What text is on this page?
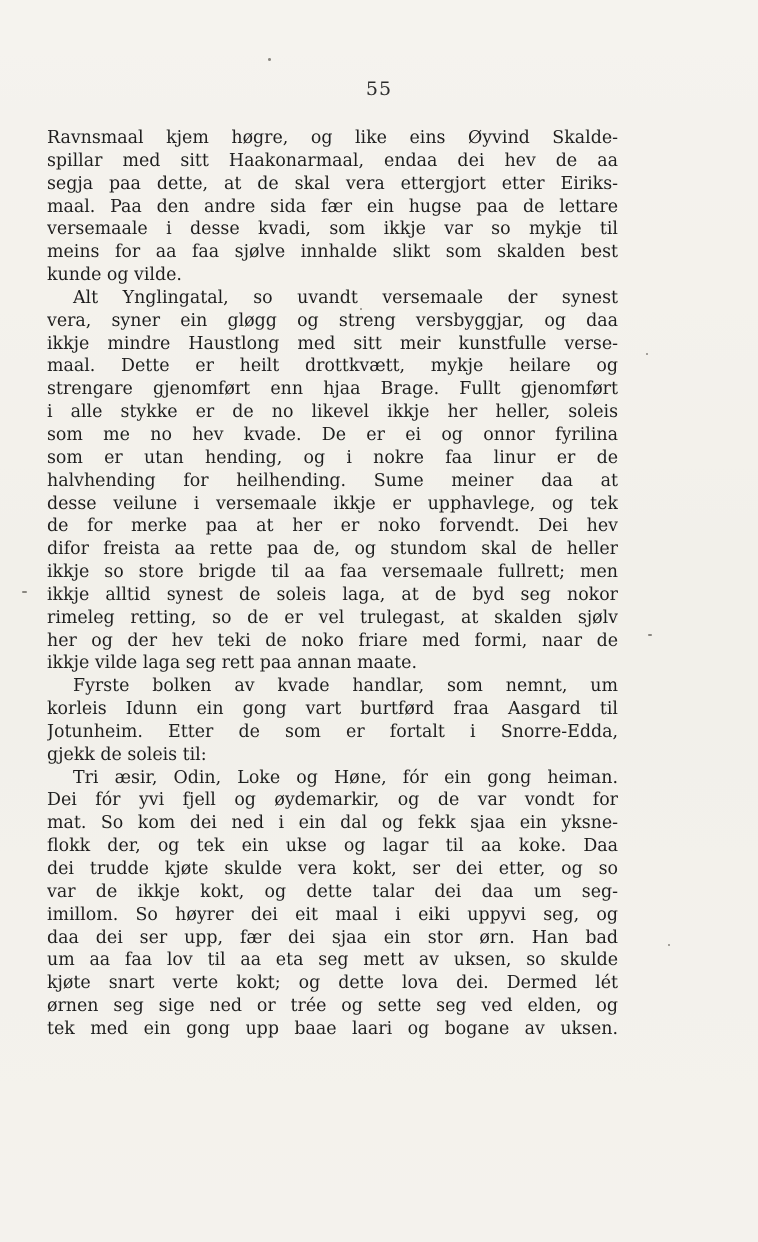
55
Ravnsmaal kjem høgre, og like eins Øyvind Skalde-
spillar med sitt Haakonarmaal, endaa dei hev de aa
segja paa dette, at de skal vera ettergjort etter Eiriks-
maal. Paa den andre sida fær ein hugse paa de lettare
versemaale i desse kvadi, som ikkje var so mykje til
meins for aa faa sjølve innhalde slikt som skalden best
kunde og vilde.
Alt Ynglingatal, so uvandt versemaale der synest
vera, syner ein gløgg og streng versbyggjar, og daa
ikkje mindre Haustlong med sitt meir kunstfulle verse-
maal. Dette er heilt drottkvætt, mykje heilare og
strengare gjenomført enn hjaa Brage. Fullt gjenomført
i alle stykke er de no likevel ikkje her heller, soleis
som me no hev kvade. De er ei og onnor fyrilina
som er utan hending, og i nokre faa linur er de
halvhending for heilhending. Sume meiner daa at
desse veilune i versemaale ikkje er upphavlege, og tek
de for merke paa at her er noko forvendt. Dei hev
difor freista aa rette paa de, og stundom skal de heller
ikkje so store brigde til aa faa versemaale fullrett; men
ikkje alltid synest de soleis laga, at de byd seg nokor
rimeleg retting, so de er vel trulegast, at skalden sjølv
her og der hev teki de noko friare med formi, naar de
ikkje vilde laga seg rett paa annan maate.
Fyrste bolken av kvade handlar, som nemnt, um
korleis Idunn ein gong vart burtførd fraa Aasgard til
Jotunheim. Etter de som er fortalt i Snorre-Edda,
gjekk de soleis til:
Tri æsir, Odin, Loke og Høne, fór ein gong heiman.
Dei fór yvi fjell og øydemarkir, og de var vondt for
mat. So kom dei ned i ein dal og fekk sjaa ein yksne-
flokk der, og tek ein ukse og lagar til aa koke. Daa
dei trudde kjøte skulde vera kokt, ser dei etter, og so
var de ikkje kokt, og dette talar dei daa um seg-
imillom. So høyrer dei eit maal i eiki uppyvi seg, og
daa dei ser upp, fær dei sjaa ein stor ørn. Han bad
um aa faa lov til aa eta seg mett av uksen, so skulde
kjøte snart verte kokt; og dette lova dei. Dermed lét
ørnen seg sige ned or trée og sette seg ved elden, og
tek med ein gong upp baae laari og bogane av uksen.
